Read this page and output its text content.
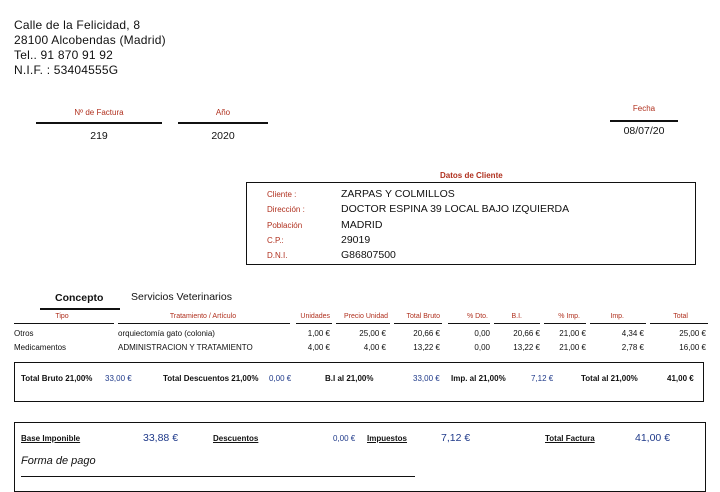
Calle de la Felicidad, 8
28100 Alcobendas (Madrid)
Tel.. 91 870 91 92
N.I.F. : 53404555G
Nº de Factura
219
Año
2020
Fecha
08/07/20
Datos de Cliente
Cliente :	ZARPAS Y COLMILLOS
Dirección :	DOCTOR ESPINA 39 LOCAL BAJO IZQUIERDA
Población	MADRID
C.P.:	29019
D.N.I.	G86807500
Concepto	Servicios Veterinarios
Tipo	Tratamiento / Artículo	Unidades	Precio Unidad	Total Bruto	% Dto.	B.I.	% Imp.	Imp.	Total
Otros	orquiectomía gato (colonia)	1,00 €	25,00 €	20,66 €	0,00	20,66 €	21,00 €	4,34 €	25,00 €
Medicamentos	ADMINISTRACION Y TRATAMIENTO	4,00 €	4,00 €	13,22 €	0,00	13,22 €	21,00 €	2,78 €	16,00 €
Total Bruto 21,00% 33,00 €	Total Descuentos 21,00% 0,00 €	B.I al 21,00%	33,00 € Imp. al 21,00%	7,12 €	Total al 21,00%	41,00 €
Base Imponible	33,88 €	Descuentos	0,00 € Impuestos	7,12 €	Total Factura	41,00 €
Forma de pago
